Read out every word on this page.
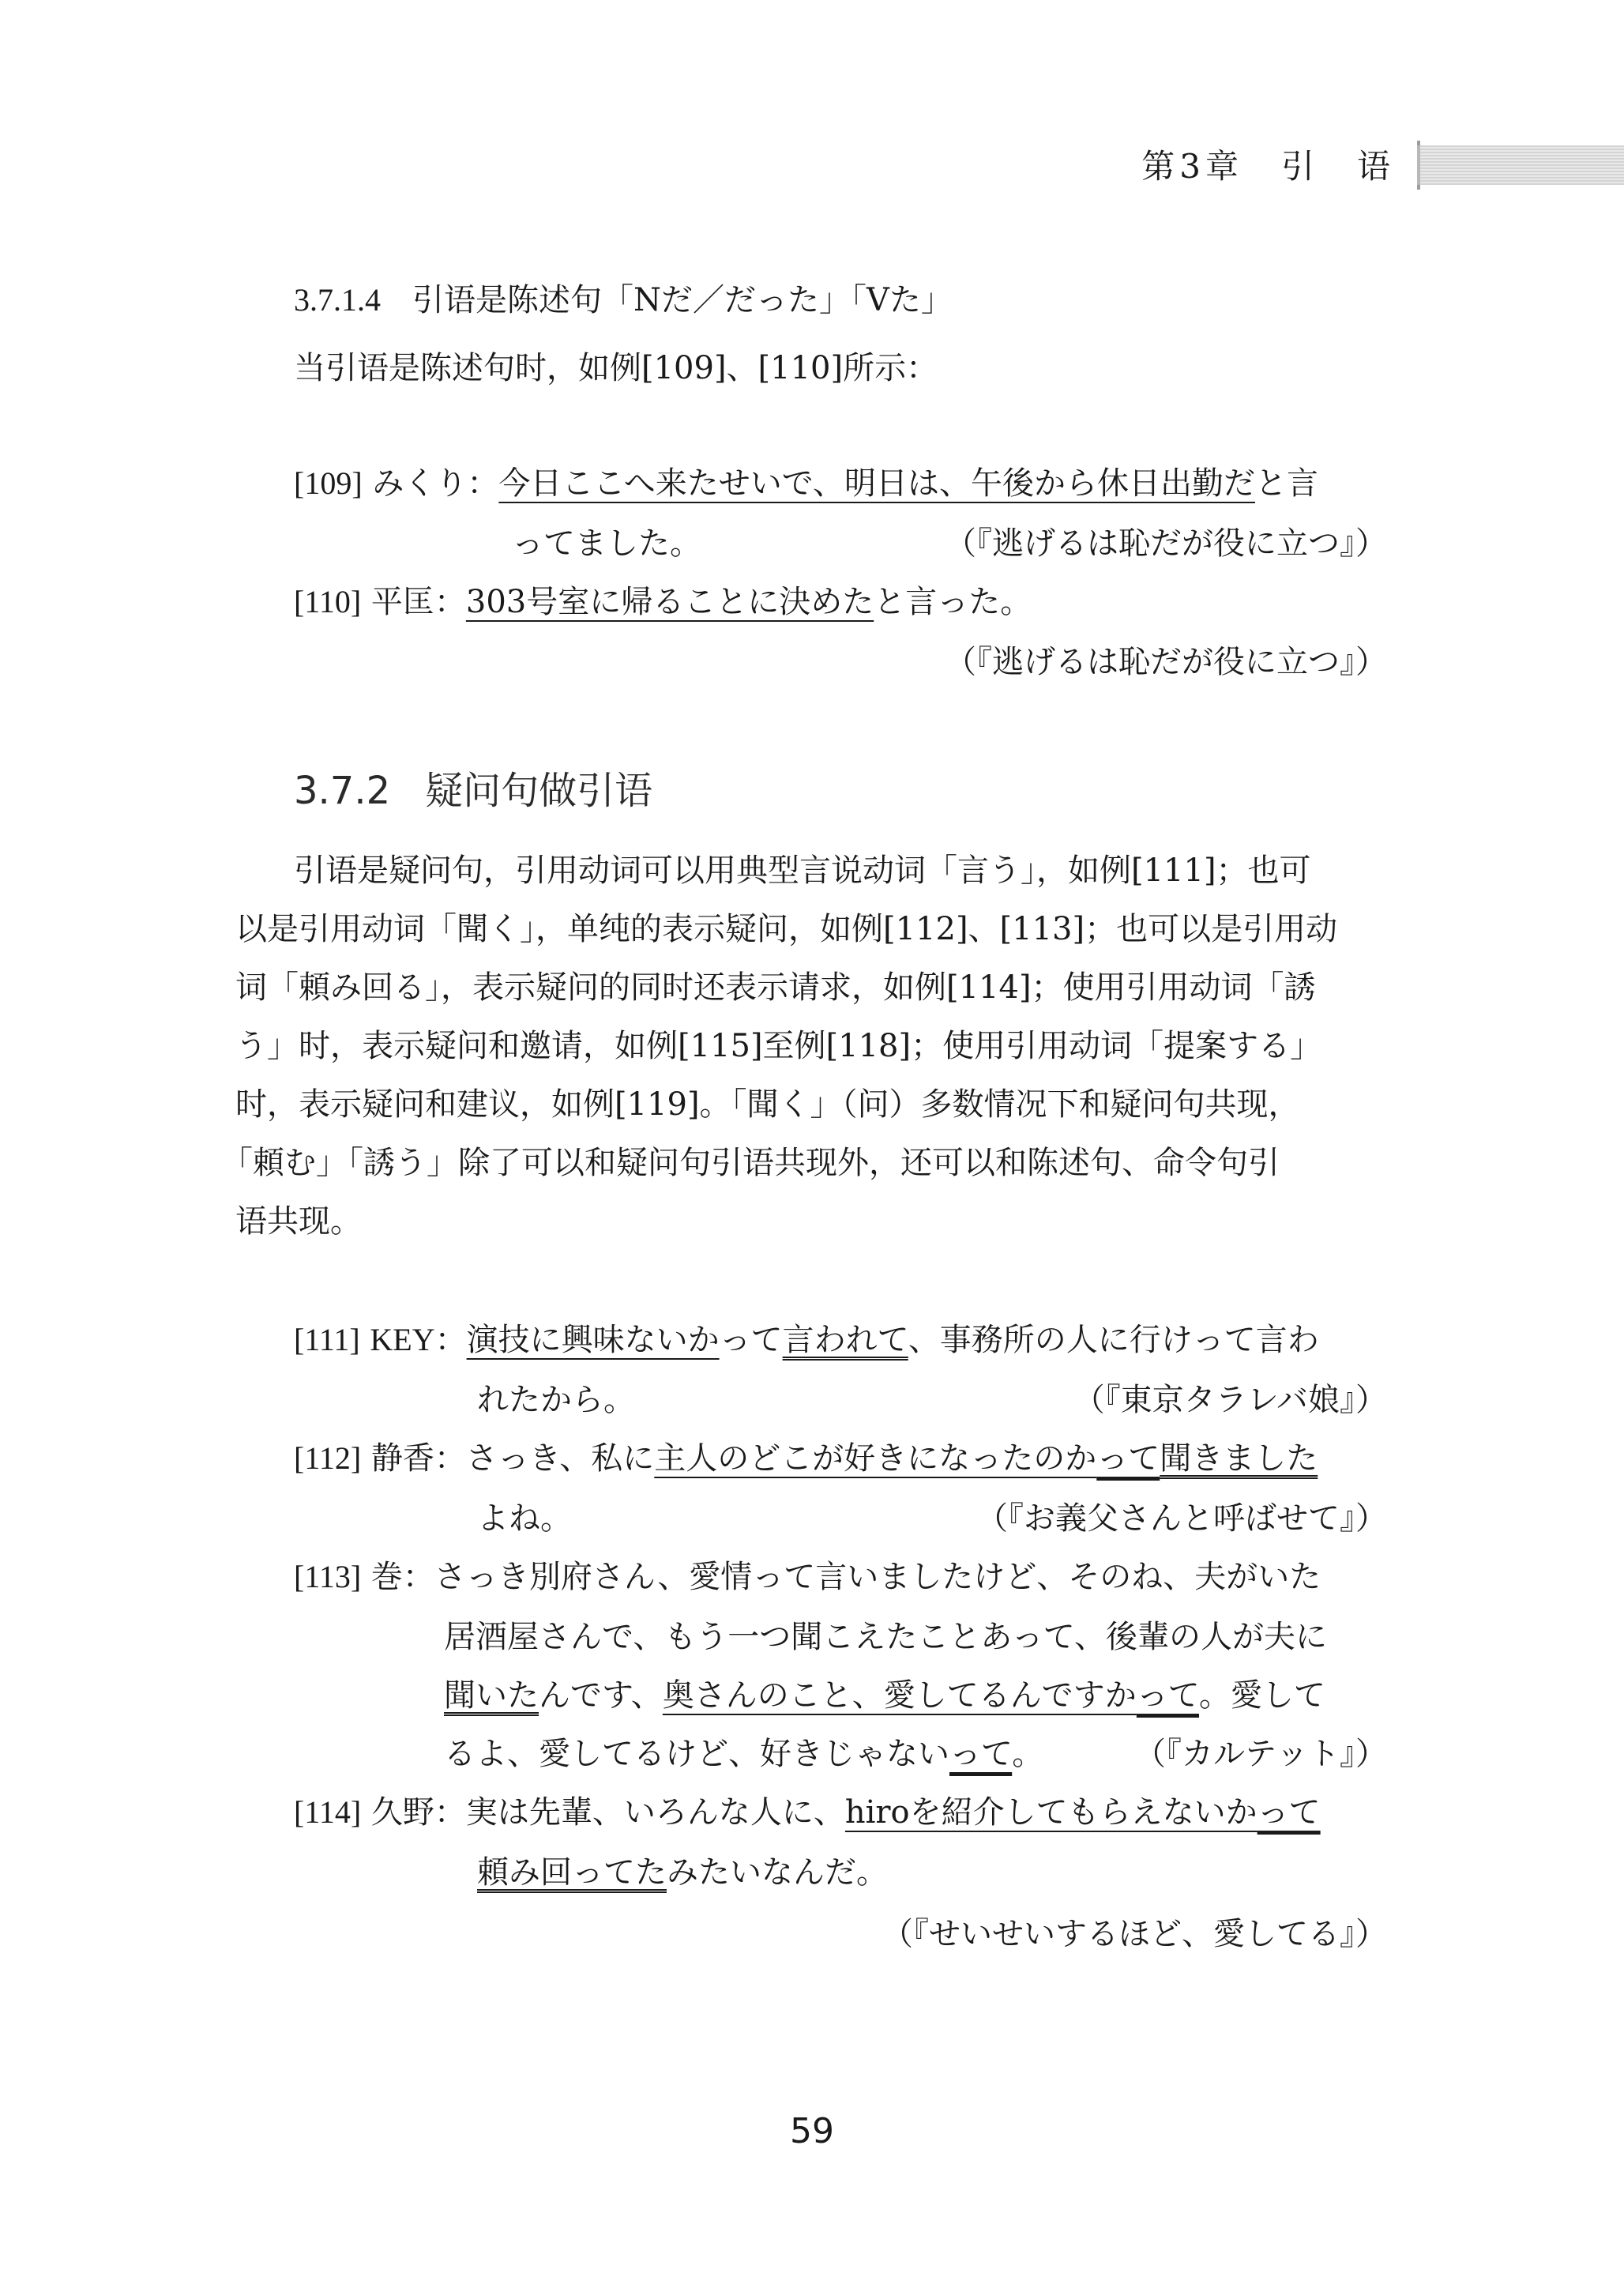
第3章　引　语
3.7.1.4 引语是陈述句「Nだ／だった」「Vた」
当引语是陈述句时，如例[109]、[110]所示：
[109] みくり：今日ここへ来たせいで、明日は、午後から休日出勤だと言
ってました。	（『逃げるは恥だが役に立つ』）
[110] 平匡：303号室に帰ることに決めたと言った。
（『逃げるは恥だが役に立つ』）
3.7.2 疑问句做引语
引语是疑问句，引用动词可以用典型言说动词「言う」，如例[111]；也可
以是引用动词「聞く」，单纯的表示疑问，如例[112]、[113]；也可以是引用动
词「頼み回る」，表示疑问的同时还表示请求，如例[114]；使用引用动词「誘
う」时，表示疑问和邀请，如例[115]至例[118]；使用引用动词「提案する」
时，表示疑问和建议，如例[119]。「聞く」（问）多数情况下和疑问句共现，
「頼む」「誘う」除了可以和疑问句引语共现外，还可以和陈述句、命令句引
语共现。
[111] KEY：演技に興味ないかって言われて、事務所の人に行けって言わ
れたから。	（『東京タラレバ娘』）
[112] 静香：さっき、私に主人のどこが好きになったのかって聞きました
よね。	（『お義父さんと呼ばせて』）
[113] 巻：さっき別府さん、愛情って言いましたけど、そのね、夫がいた
居酒屋さんで、もう一つ聞こえたことあって、後輩の人が夫に
聞いたんです、奥さんのこと、愛してるんですかって。愛して
るよ、愛してるけど、好きじゃないって。	（『カルテット』）
[114] 久野：実は先輩、いろんな人に、hiroを紹介してもらえないかって
頼み回ってたみたいなんだ。
（『せいせいするほど、愛してる』）
59
